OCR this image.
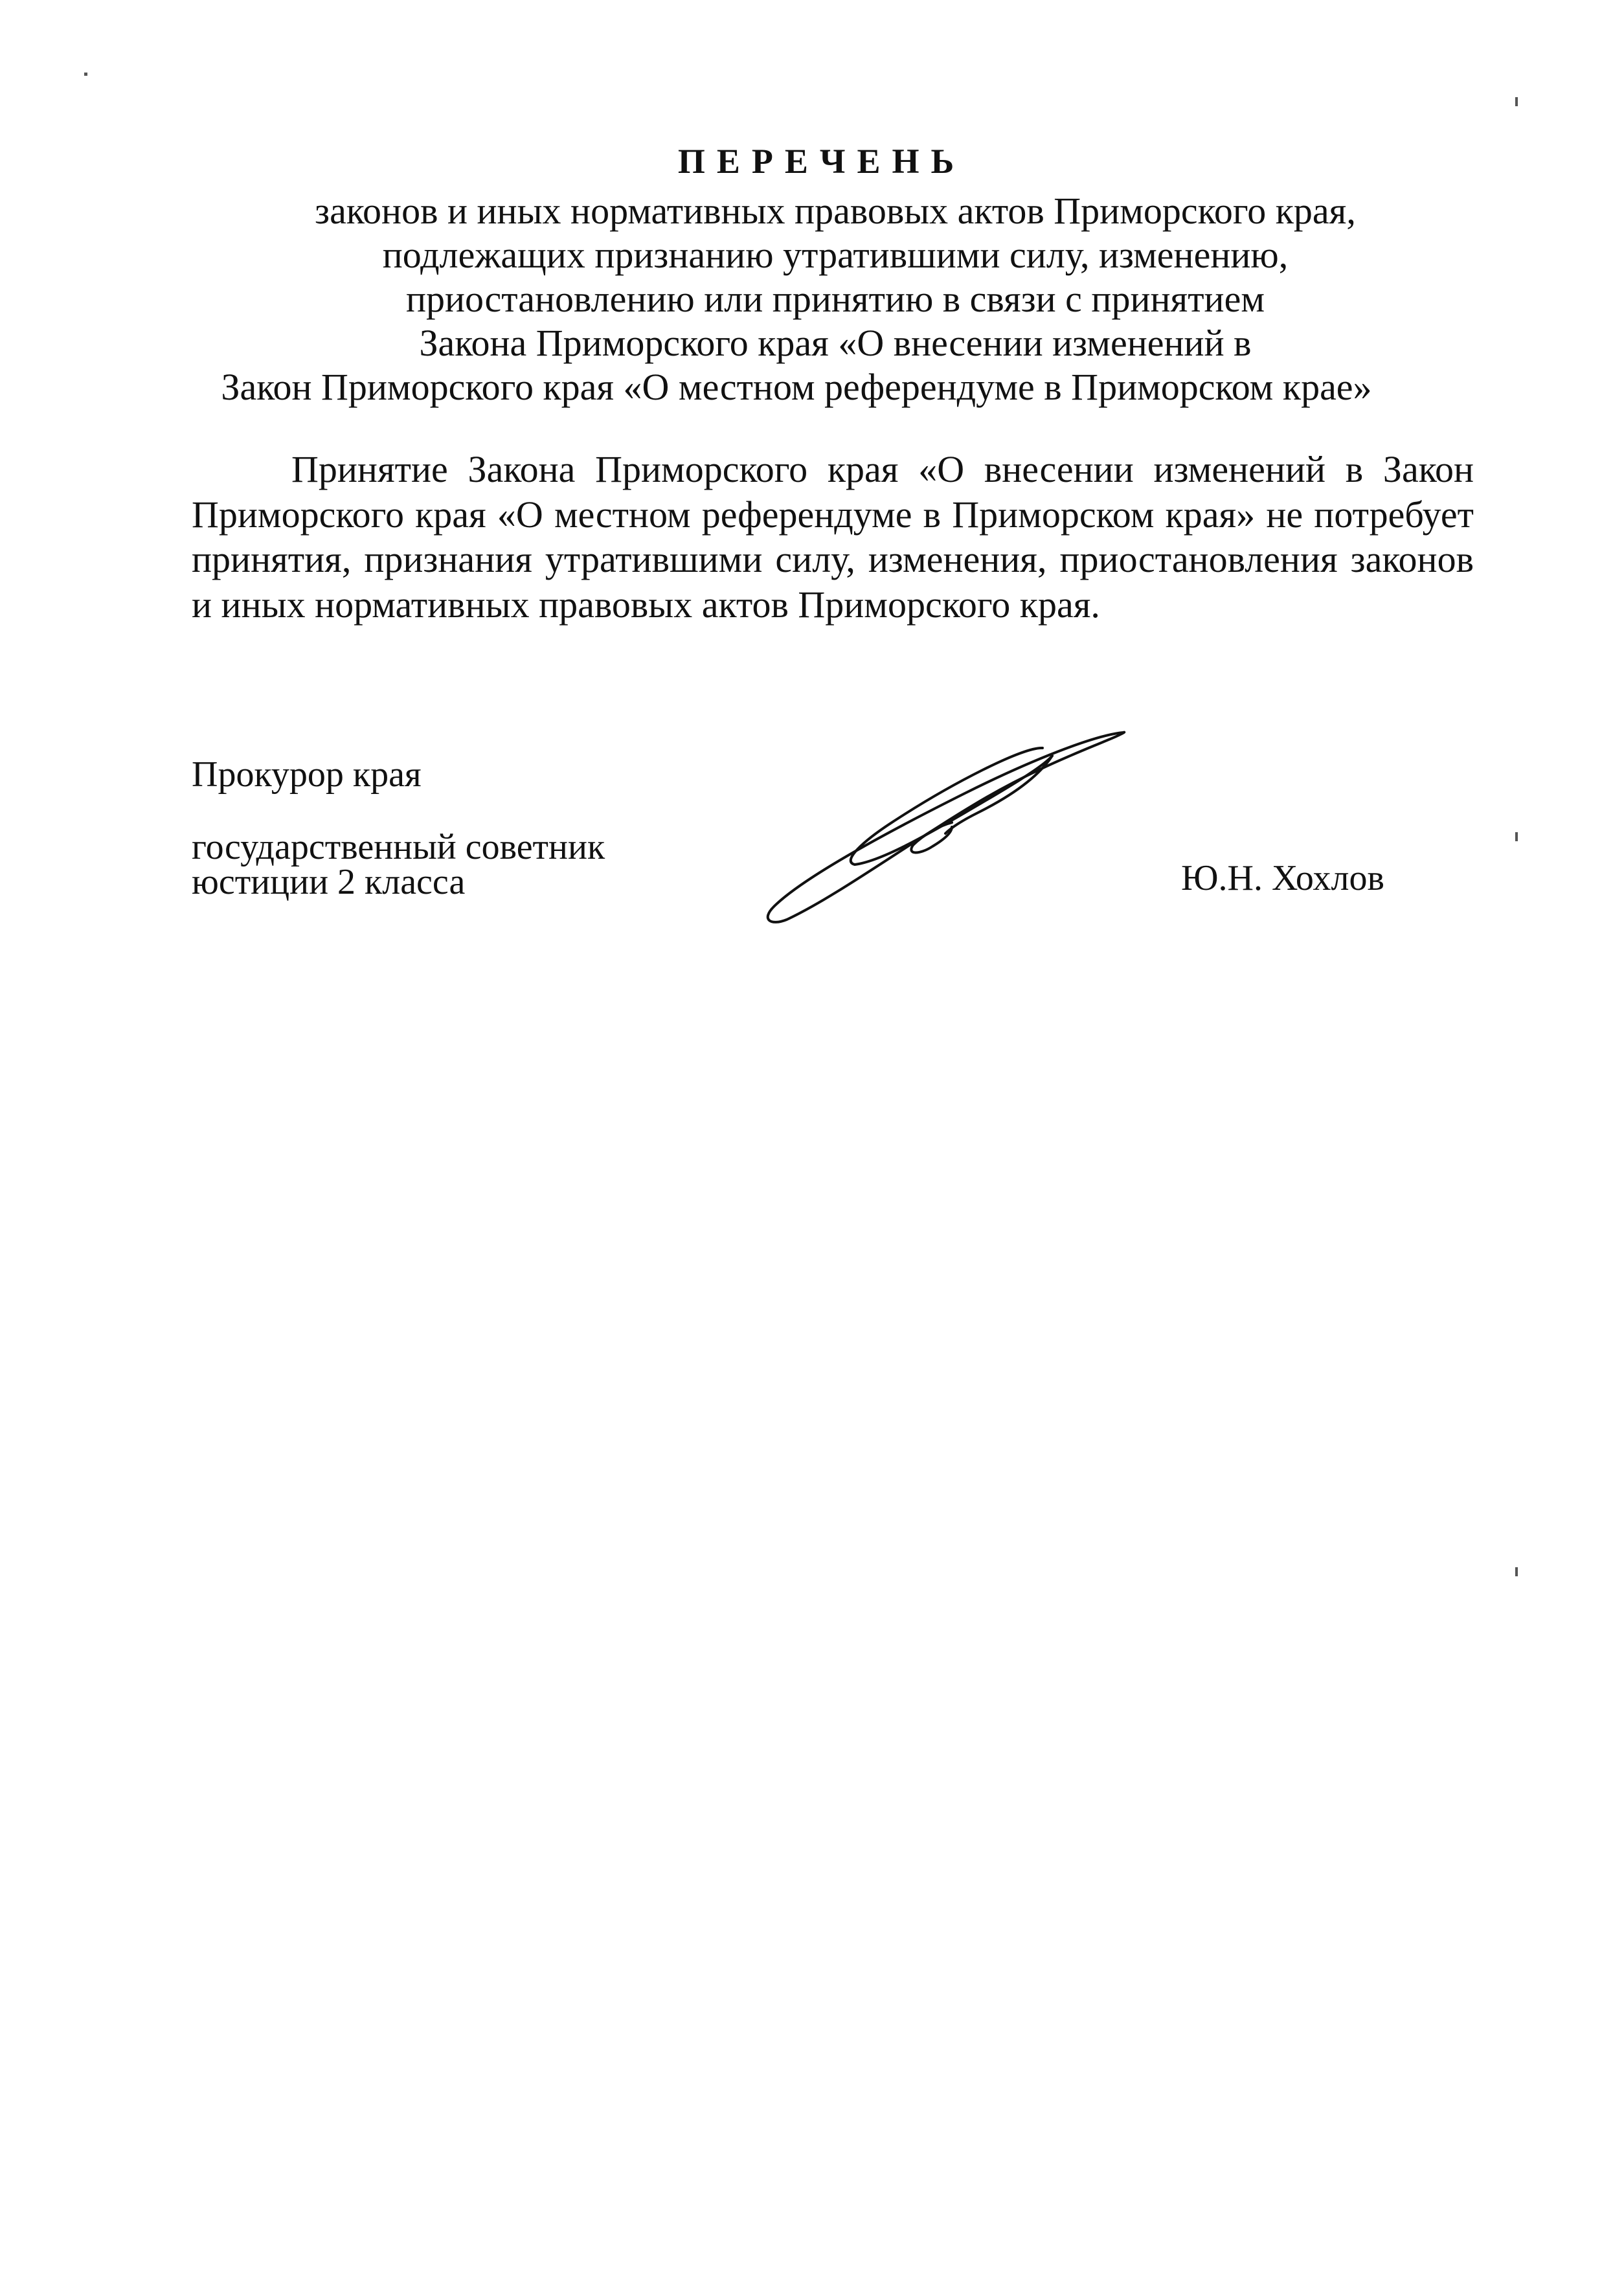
ПЕРЕЧЕНЬ
законов и иных нормативных правовых актов Приморского края,
подлежащих признанию утратившими силу, изменению,
приостановлению или принятию в связи с принятием
Закона Приморского края «О внесении изменений в
Закон Приморского края «О местном референдуме в Приморском крае»
Принятие Закона Приморского края «О внесении изменений в Закон Приморского края «О местном референдуме в Приморском края» не потребует принятия, признания утратившими силу, изменения, приостановления законов и иных нормативных правовых актов Приморского края.
Прокурор края
государственный советник
юстиции 2 класса	Ю.Н. Хохлов
